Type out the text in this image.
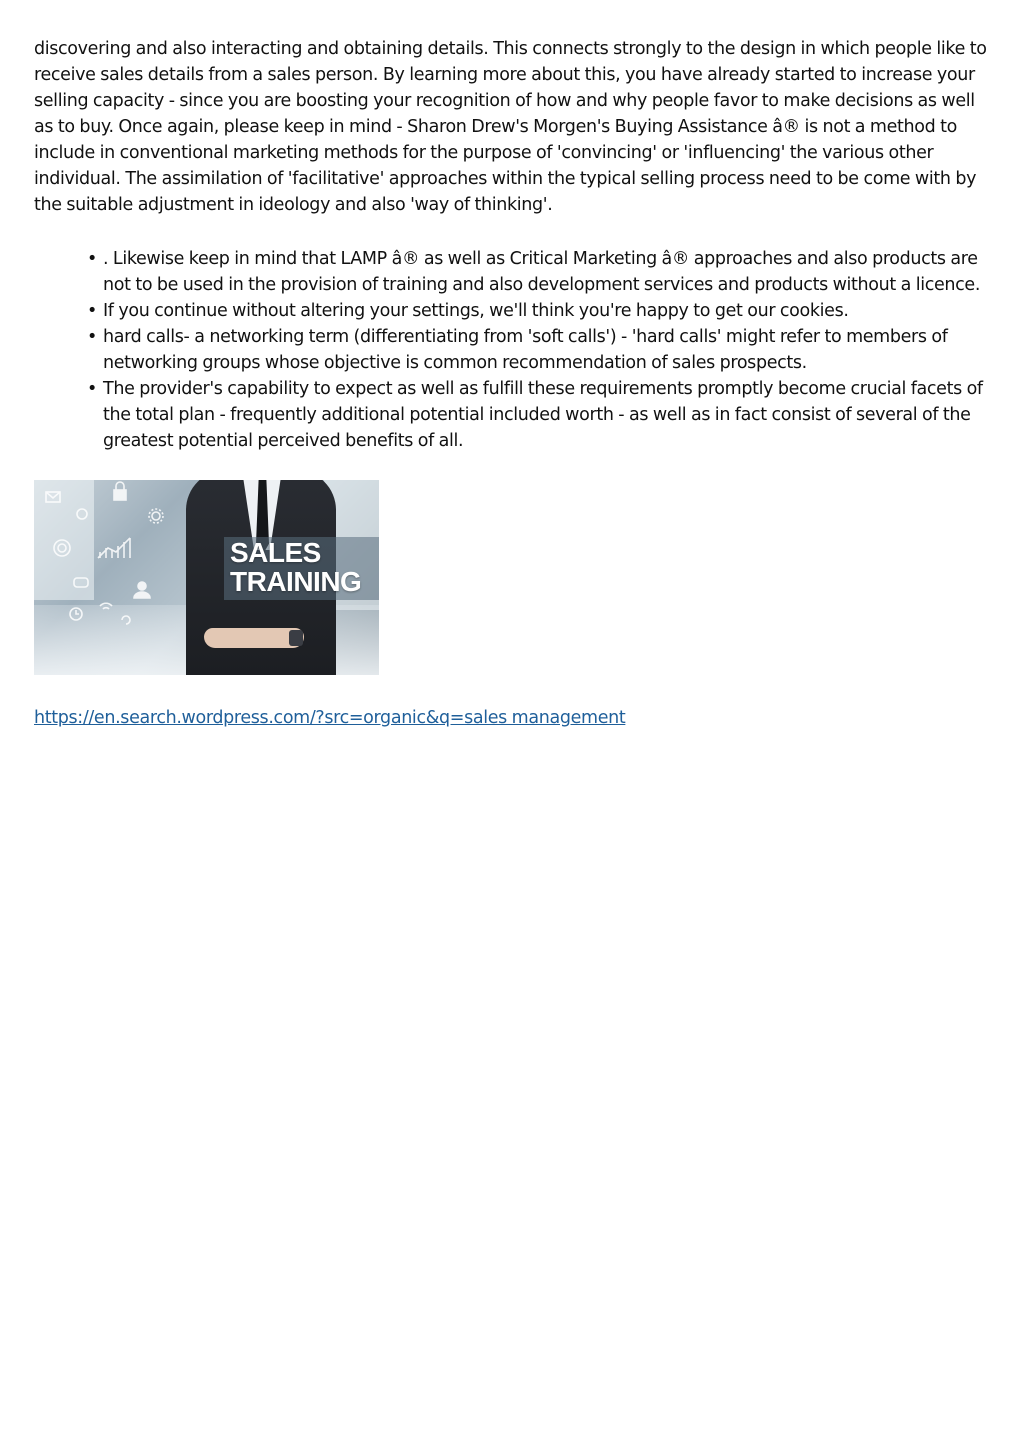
discovering and also interacting and obtaining details. This connects strongly to the design in which people like to receive sales details from a sales person. By learning more about this, you have already started to increase your selling capacity - since you are boosting your recognition of how and why people favor to make decisions as well as to buy. Once again, please keep in mind - Sharon Drew's Morgen's Buying Assistance â® is not a method to include in conventional marketing methods for the purpose of 'convincing' or 'influencing' the various other individual. The assimilation of 'facilitative' approaches within the typical selling process need to be come with by the suitable adjustment in ideology and also 'way of thinking'.

• . Likewise keep in mind that LAMP â® as well as Critical Marketing â® approaches and also products are not to be used in the provision of training and also development services and products without a licence.
• If you continue without altering your settings, we'll think you're happy to get our cookies.
• hard calls- a networking term (differentiating from 'soft calls') - 'hard calls' might refer to members of networking groups whose objective is common recommendation of sales prospects.
• The provider's capability to expect as well as fulfill these requirements promptly become crucial facets of the total plan - frequently additional potential included worth - as well as in fact consist of several of the greatest potential perceived benefits of all.
SALES
TRAINING
https://en.search.wordpress.com/?src=organic&q=sales management
